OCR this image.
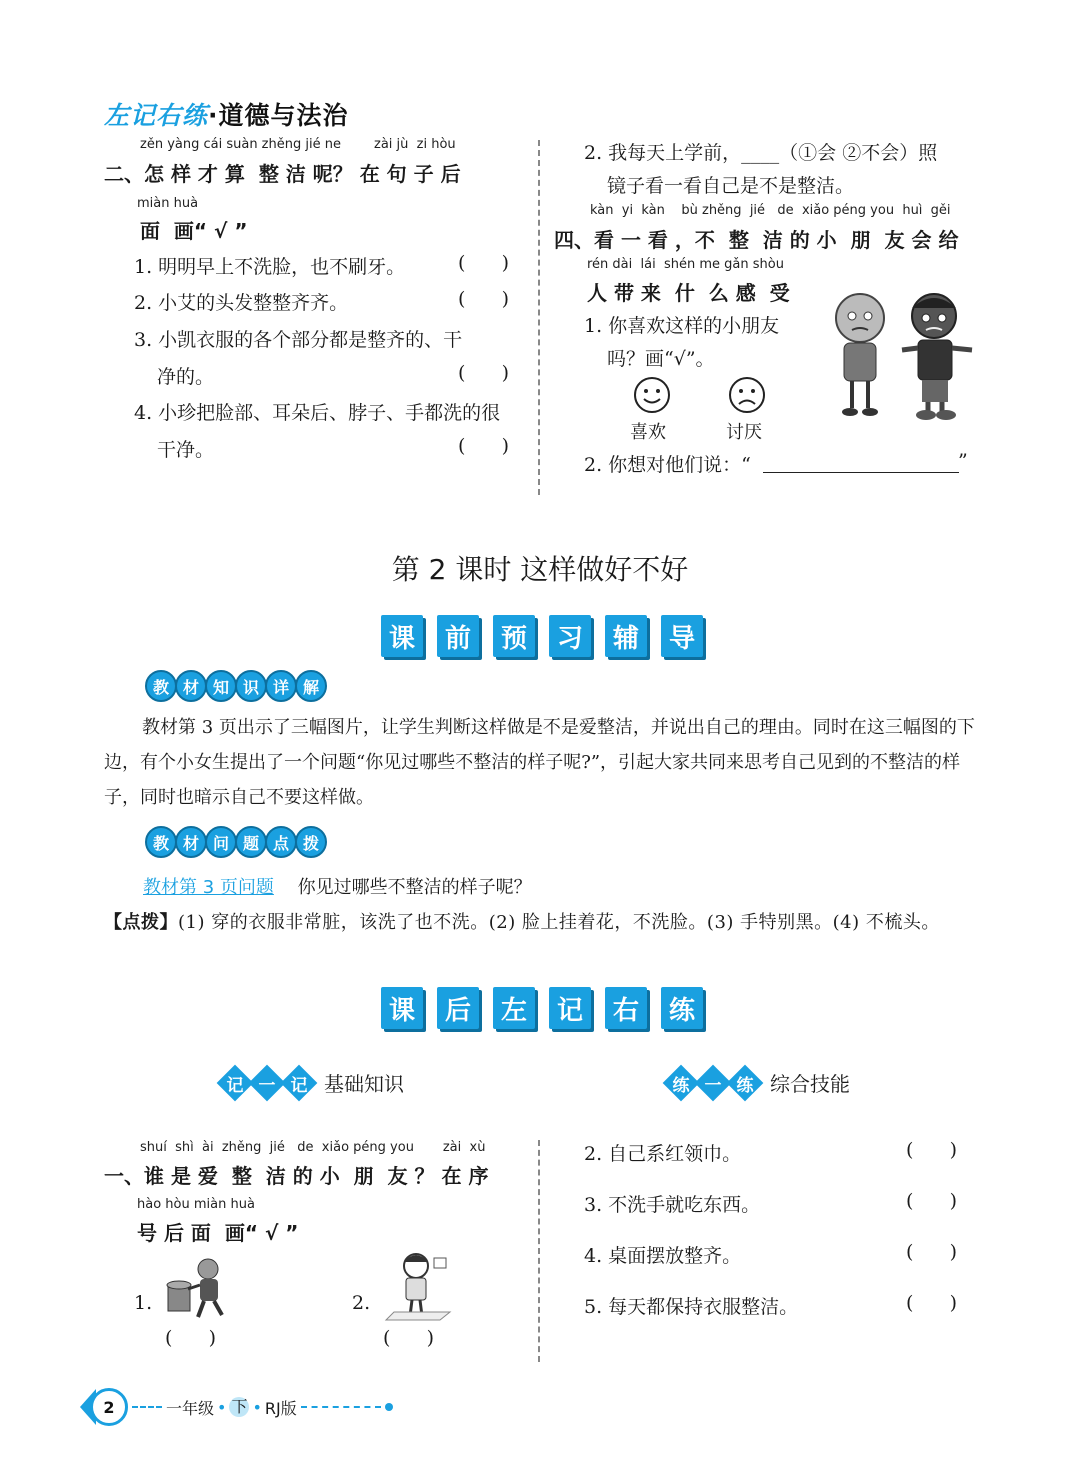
左记右练·道德与法治
zěn yàng cái suàn zhěng jié ne        zài jù  zi hòu
二、怎 样 才 算  整 洁 呢？ 在 句 子 后
miàn huà
面  画“ √ ”
1. 明明早上不洗脸，也不刷牙。	(      )
2. 小艾的头发整整齐齐。	(      )
3. 小凯衣服的各个部分都是整齐的、干
净的。	(      )
4. 小珍把脸部、耳朵后、脖子、手都洗的很
干净。	(      )
2. 我每天上学前，____（①会 ②不会）照
镜子看一看自己是不是整洁。
kàn  yi  kàn    bù zhěng  jié   de  xiǎo péng you  huì  gěi
四、看 一 看 ，不  整  洁 的 小  朋  友 会 给
rén dài  lái  shén me gǎn shòu
人 带 来  什  么 感  受
1. 你喜欢这样的小朋友
吗？画“√”。
喜欢	讨厌
2. 你想对他们说：“	”
第 2 课时 这样做好不好
课	前	预	习	辅	导
教 材 知 识 详 解
教材第 3 页出示了三幅图片，让学生判断这样做是不是爱整洁，并说出自己的理由。同时在这三幅图的下边，有个小女生提出了一个问题“你见过哪些不整洁的样子呢?”，引起大家共同来思考自己见到的不整洁的样子，同时也暗示自己不要这样做。
教 材 问 题 点 拨
教材第 3 页问题 你见过哪些不整洁的样子呢？
【点拨】(1) 穿的衣服非常脏，该洗了也不洗。(2) 脸上挂着花，不洗脸。(3) 手特别黑。(4) 不梳头。
课	后	左	记	右	练
记 一 记 基础知识	练 一 练 综合技能
shuí  shì  ài  zhěng  jié   de  xiǎo péng you       zài  xù
一、谁 是 爱  整  洁 的 小  朋  友 ？ 在 序
hào hòu miàn huà
号 后 面  画“ √ ”
1.
(      )
2.
(      )
2. 自己系红领巾。	(      )
3. 不洗手就吃东西。	(      )
4. 桌面摆放整齐。	(      )
5. 每天都保持衣服整洁。	(      )
2	一年级 • 下 • RJ版
